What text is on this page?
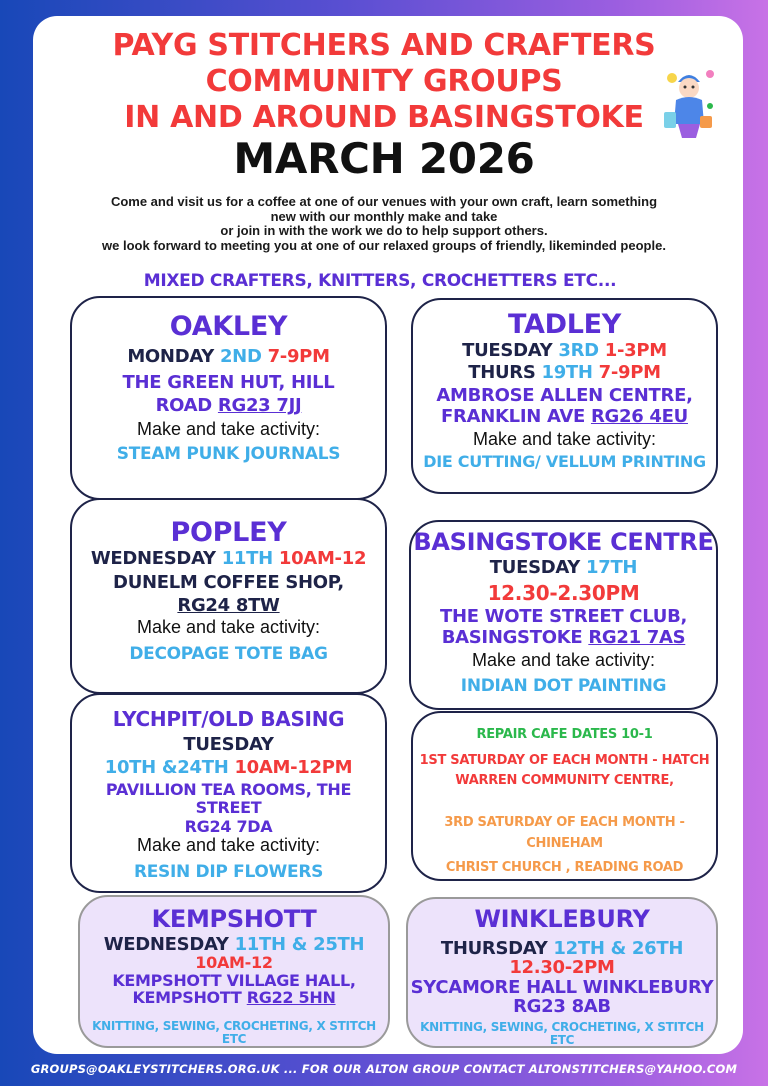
PAYG STITCHERS AND CRAFTERS
COMMUNITY GROUPS
IN AND AROUND BASINGSTOKE
MARCH 2026
Come and visit us for a coffee at one of our venues with your own craft, learn something
new with our monthly make and take
or join in with the work we do to help support others.
we look forward to meeting you at one of our relaxed groups of friendly, likeminded people.
MIXED CRAFTERS, KNITTERS, CROCHETTERS ETC...
OAKLEY
MONDAY 2ND 7-9PM
THE GREEN HUT, HILL
ROAD RG23 7JJ
Make and take activity:
STEAM PUNK JOURNALS
TADLEY
TUESDAY 3RD 1-3PM
THURS 19TH 7-9PM
AMBROSE ALLEN CENTRE,
FRANKLIN AVE RG26 4EU
Make and take activity:
DIE CUTTING/ VELLUM PRINTING
POPLEY
WEDNESDAY 11TH 10AM-12
DUNELM COFFEE SHOP,
RG24 8TW
Make and take activity:
DECOPAGE TOTE BAG
BASINGSTOKE CENTRE
TUESDAY 17TH
12.30-2.30PM
THE WOTE STREET CLUB,
BASINGSTOKE RG21 7AS
Make and take activity:
INDIAN DOT PAINTING
LYCHPIT/OLD BASING
TUESDAY
10TH &24TH 10AM-12PM
PAVILLION TEA ROOMS, THE STREET
RG24 7DA
Make and take activity:
RESIN DIP FLOWERS
REPAIR CAFE DATES 10-1
1ST SATURDAY OF EACH MONTH - HATCH
WARREN COMMUNITY CENTRE,
3RD SATURDAY OF EACH MONTH - CHINEHAM
CHRIST CHURCH , READING ROAD
KEMPSHOTT
WEDNESDAY 11TH & 25TH
10AM-12
KEMPSHOTT VILLAGE HALL,
KEMPSHOTT RG22 5HN
KNITTING, SEWING, CROCHETING, X STITCH ETC
WINKLEBURY
THURSDAY 12TH & 26TH
12.30-2PM
SYCAMORE HALL WINKLEBURY
RG23 8AB
KNITTING, SEWING, CROCHETING, X STITCH ETC
GROUPS@OAKLEYSTITCHERS.ORG.UK ... FOR OUR ALTON GROUP CONTACT ALTONSTITCHERS@YAHOO.COM
